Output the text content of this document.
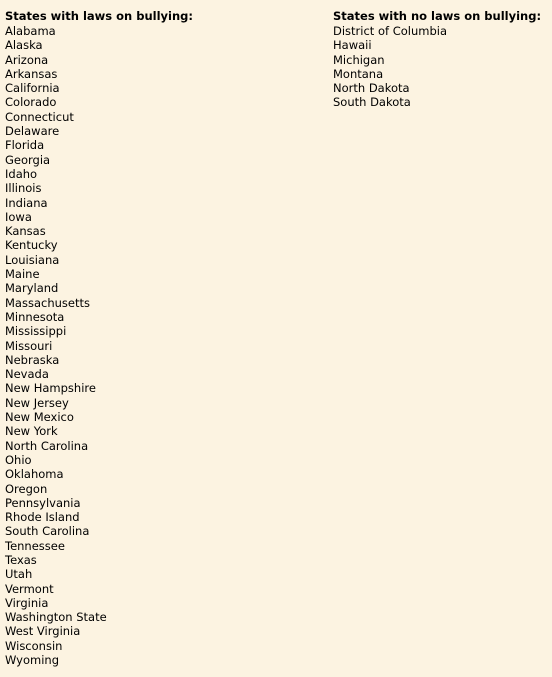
States with laws on bullying:
Alabama
Alaska
Arizona
Arkansas
California
Colorado
Connecticut
Delaware
Florida
Georgia
Idaho
Illinois
Indiana
Iowa
Kansas
Kentucky
Louisiana
Maine
Maryland
Massachusetts
Minnesota
Mississippi
Missouri
Nebraska
Nevada
New Hampshire
New Jersey
New Mexico
New York
North Carolina
Ohio
Oklahoma
Oregon
Pennsylvania
Rhode Island
South Carolina
Tennessee
Texas
Utah
Vermont
Virginia
Washington State
West Virginia
Wisconsin
Wyoming
States with no laws on bullying:
District of Columbia
Hawaii
Michigan
Montana
North Dakota
South Dakota
